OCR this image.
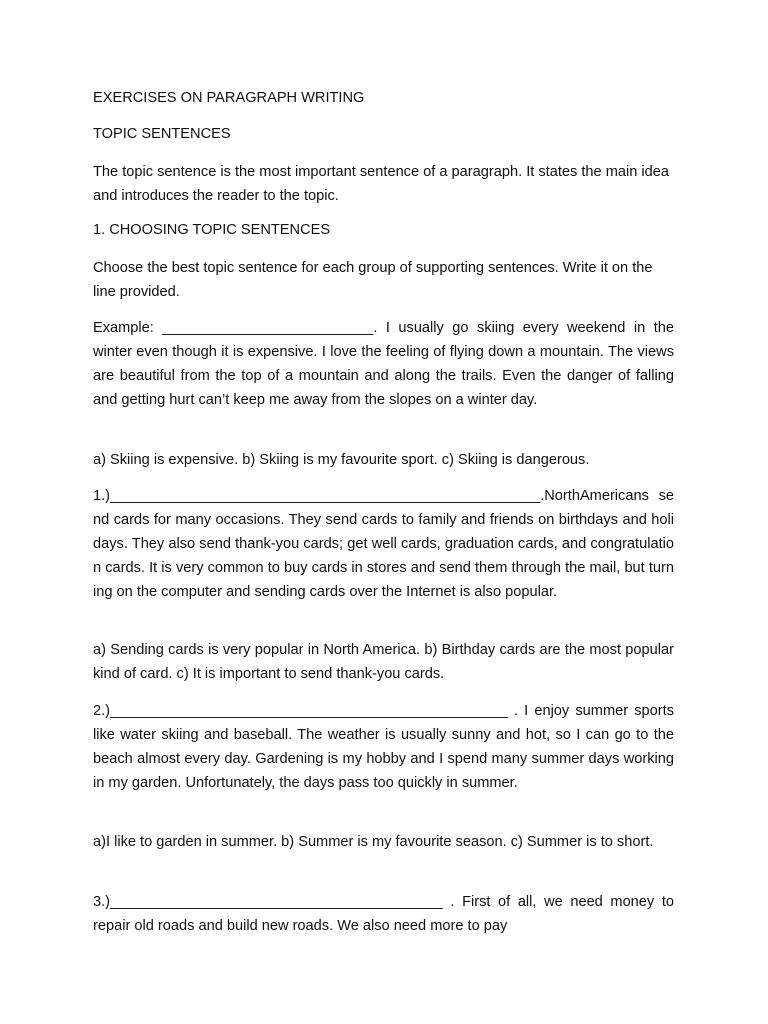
EXERCISES ON PARAGRAPH WRITING

TOPIC SENTENCES

The topic sentence is the most important sentence of a paragraph. It states the main idea and introduces the reader to the topic.

1. CHOOSING TOPIC SENTENCES

Choose the best topic sentence for each group of supporting sentences. Write it on the line provided.

Example: __________________________. I usually go skiing every weekend in the winter even though it is expensive. I love the feeling of flying down a mountain. The views are beautiful from the top of a mountain and along the trails. Even the danger of falling and getting hurt can’t keep me away from the slopes on a winter day.

a) Skiing is expensive. b) Skiing is my favourite sport. c) Skiing is dangerous.

1.)_____________________________________________________.NorthAmericans send cards for many occasions. They send cards to family and friends on birthdays and holidays. They also send thank-you cards; get well cards, graduation cards, and congratulation cards. It is very common to buy cards in stores and send them through the mail, but turning on the computer and sending cards over the Internet is also popular.

a) Sending cards is very popular in North America. b) Birthday cards are the most popular kind of card. c) It is important to send thank-you cards.

2.)_________________________________________________ . I enjoy summer sports like water skiing and baseball. The weather is usually sunny and hot, so I can go to the beach almost every day. Gardening is my hobby and I spend many summer days working in my garden. Unfortunately, the days pass too quickly in summer.

a)I like to garden in summer. b) Summer is my favourite season. c) Summer is to short.

3.)_________________________________________ . First of all, we need money to repair old roads and build new roads. We also need more to pay
